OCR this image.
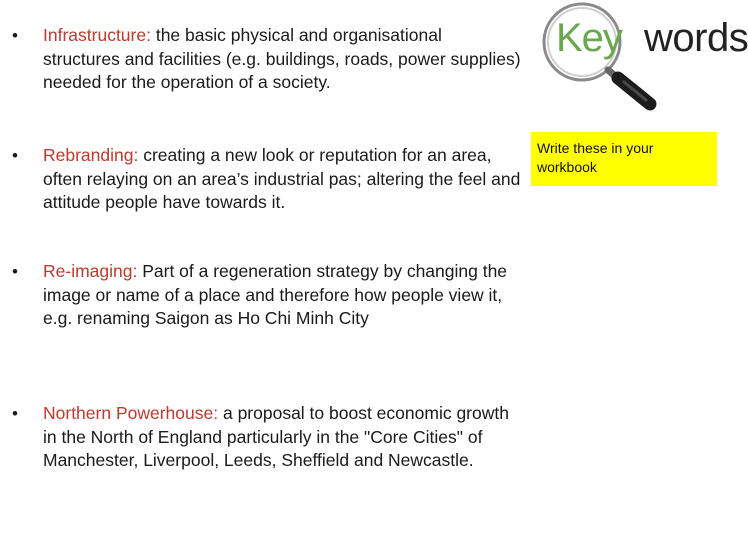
• Infrastructure: the basic physical and organisational structures and facilities (e.g. buildings, roads, power supplies) needed for the operation of a society.
• Rebranding: creating a new look or reputation for an area, often relaying on an area’s industrial pas; altering the feel and attitude people have towards it.
• Re-imaging: Part of a regeneration strategy by changing the image or name of a place and therefore how people view it, e.g. renaming Saigon as Ho Chi Minh City
• Northern Powerhouse: a proposal to boost economic growth in the North of England particularly in the "Core Cities" of Manchester, Liverpool, Leeds, Sheffield and Newcastle.
Key words
Write these in your workbook
